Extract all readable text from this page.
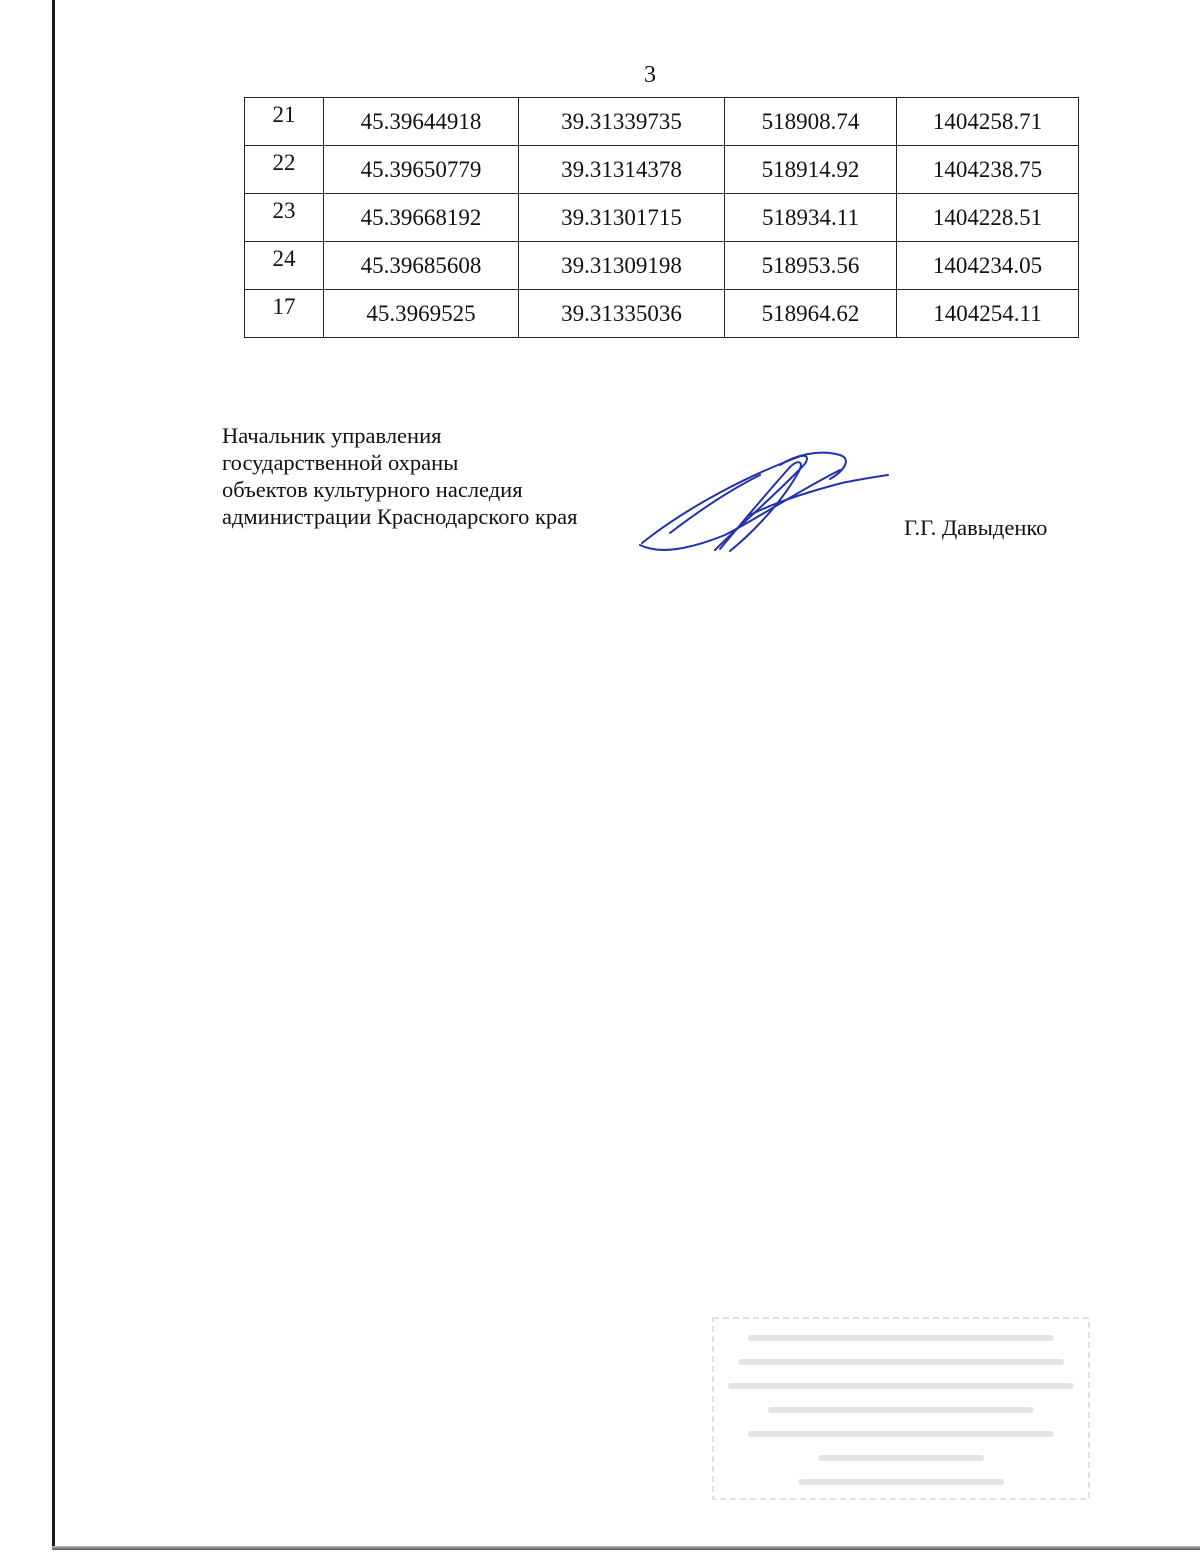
3
21	45.39644918	39.31339735	518908.74	1404258.71
22	45.39650779	39.31314378	518914.92	1404238.75
23	45.39668192	39.31301715	518934.11	1404228.51
24	45.39685608	39.31309198	518953.56	1404234.05
17	45.3969525	39.31335036	518964.62	1404254.11
Начальник управления
государственной охраны
объектов культурного наследия
администрации Краснодарского края	Г.Г. Давыденко
